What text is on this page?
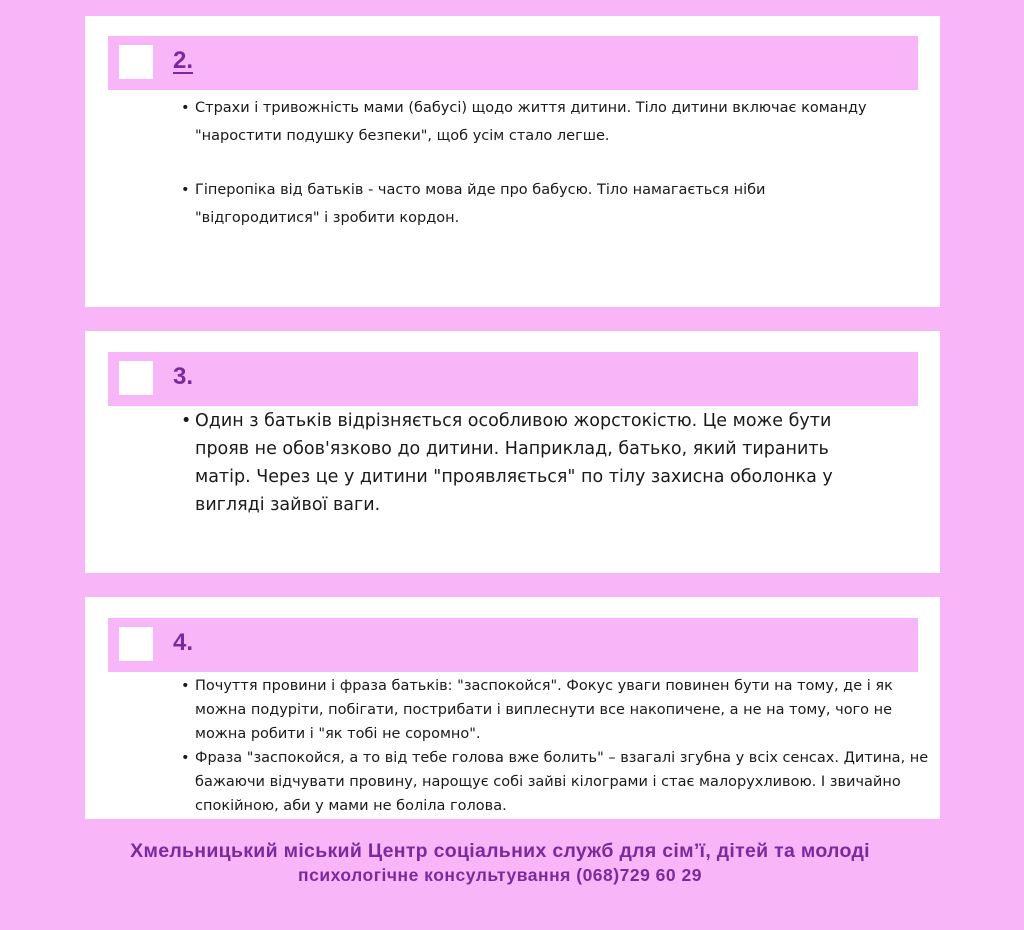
2.
• Страхи і тривожність мами (бабусі) щодо життя дитини. Тіло дитини включає команду "наростити подушку безпеки", щоб усім стало легше.
• Гіперопіка від батьків - часто мова йде про бабусю. Тіло намагається ніби "відгородитися" і зробити кордон.
3.
• Один з батьків відрізняється особливою жорстокістю. Це може бути прояв не обов'язково до дитини. Наприклад, батько, який тиранить матір. Через це у дитини "проявляється" по тілу захисна оболонка у вигляді зайвої ваги.
4.
• Почуття провини і фраза батьків: "заспокойся". Фокус уваги повинен бути на тому, де і як можна подуріти, побігати, пострибати і виплеснути все накопичене, а не на тому, чого не можна робити і "як тобі не соромно".
• Фраза "заспокойся, а то від тебе голова вже болить" – взагалі згубна у всіх сенсах. Дитина, не бажаючи відчувати провину, нарощує собі зайві кілограми і стає малорухливою. І звичайно спокійною, аби у мами не боліла голова.
Хмельницький міський Центр соціальних служб для сім’ї, дітей та молоді
психологічне консультування (068)729 60 29
